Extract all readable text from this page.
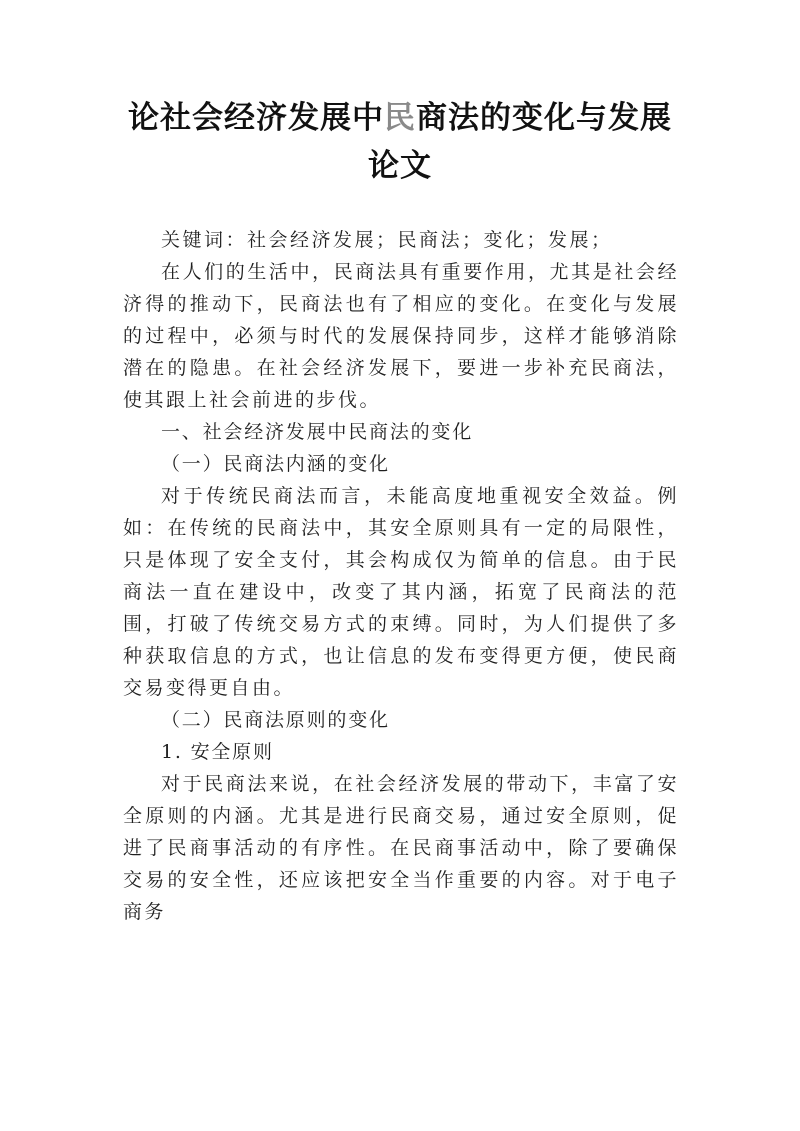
论社会经济发展中民商法的变化与发展论文

关键词：社会经济发展；民商法；变化；发展；

在人们的生活中，民商法具有重要作用，尤其是社会经济得的推动下，民商法也有了相应的变化。在变化与发展的过程中，必须与时代的发展保持同步，这样才能够消除潜在的隐患。在社会经济发展下，要进一步补充民商法，使其跟上社会前进的步伐。

一、社会经济发展中民商法的变化

（一）民商法内涵的变化

对于传统民商法而言，未能高度地重视安全效益。例如：在传统的民商法中，其安全原则具有一定的局限性，只是体现了安全支付，其会构成仅为简单的信息。由于民商法一直在建设中，改变了其内涵，拓宽了民商法的范围，打破了传统交易方式的束缚。同时，为人们提供了多种获取信息的方式，也让信息的发布变得更方便，使民商交易变得更自由。

（二）民商法原则的变化

1. 安全原则

对于民商法来说，在社会经济发展的带动下，丰富了安全原则的内涵。尤其是进行民商交易，通过安全原则，促进了民商事活动的有序性。在民商事活动中，除了要确保交易的安全性，还应该把安全当作重要的内容。对于电子商务
